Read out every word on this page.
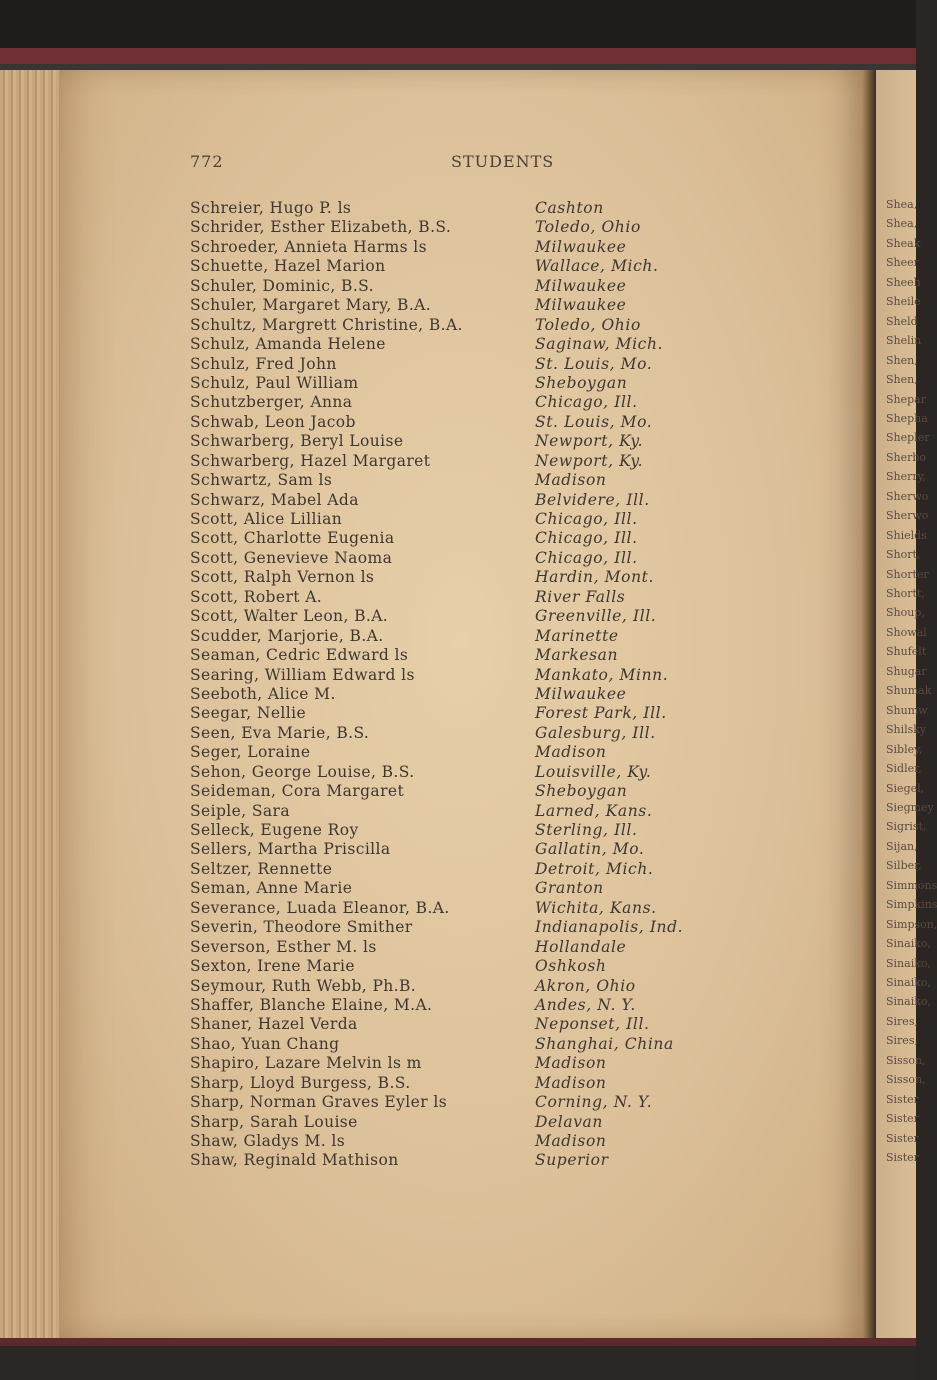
Shea,
Shea,
Sheak
Sheer
Sheeh
Sheile
Sheld
Shelin
Shen,
Shen,
Shepar
Shepha
Shepler
Sherbo
Sherry,
Sherwo
Sherwo
Shields
Short,
Shorter
Shortt,
Shoup,
Showal
Shufelt
Shugar
Shumak
Shumw
Shilsky
Sibley,
Sidler,
Siegel,
Siegmey
Sigrist,
Sijan,
Silber,
Simmons
Simpkins
Simpson,
Sinaiko,
Sinaiko,
Sinaiko,
Sinaiko,
Sires,
Sires,
Sisson,
Sisson,
Sister
Sister
Sister
Sister
772	STUDENTS
Schreier, Hugo P. ls	Cashton
Schrider, Esther Elizabeth, B.S.	Toledo, Ohio
Schroeder, Annieta Harms ls	Milwaukee
Schuette, Hazel Marion	Wallace, Mich.
Schuler, Dominic, B.S.	Milwaukee
Schuler, Margaret Mary, B.A.	Milwaukee
Schultz, Margrett Christine, B.A.	Toledo, Ohio
Schulz, Amanda Helene	Saginaw, Mich.
Schulz, Fred John	St. Louis, Mo.
Schulz, Paul William	Sheboygan
Schutzberger, Anna	Chicago, Ill.
Schwab, Leon Jacob	St. Louis, Mo.
Schwarberg, Beryl Louise	Newport, Ky.
Schwarberg, Hazel Margaret	Newport, Ky.
Schwartz, Sam ls	Madison
Schwarz, Mabel Ada	Belvidere, Ill.
Scott, Alice Lillian	Chicago, Ill.
Scott, Charlotte Eugenia	Chicago, Ill.
Scott, Genevieve Naoma	Chicago, Ill.
Scott, Ralph Vernon ls	Hardin, Mont.
Scott, Robert A.	River Falls
Scott, Walter Leon, B.A.	Greenville, Ill.
Scudder, Marjorie, B.A.	Marinette
Seaman, Cedric Edward ls	Markesan
Searing, William Edward ls	Mankato, Minn.
Seeboth, Alice M.	Milwaukee
Seegar, Nellie	Forest Park, Ill.
Seen, Eva Marie, B.S.	Galesburg, Ill.
Seger, Loraine	Madison
Sehon, George Louise, B.S.	Louisville, Ky.
Seideman, Cora Margaret	Sheboygan
Seiple, Sara	Larned, Kans.
Selleck, Eugene Roy	Sterling, Ill.
Sellers, Martha Priscilla	Gallatin, Mo.
Seltzer, Rennette	Detroit, Mich.
Seman, Anne Marie	Granton
Severance, Luada Eleanor, B.A.	Wichita, Kans.
Severin, Theodore Smither	Indianapolis, Ind.
Severson, Esther M. ls	Hollandale
Sexton, Irene Marie	Oshkosh
Seymour, Ruth Webb, Ph.B.	Akron, Ohio
Shaffer, Blanche Elaine, M.A.	Andes, N. Y.
Shaner, Hazel Verda	Neponset, Ill.
Shao, Yuan Chang	Shanghai, China
Shapiro, Lazare Melvin ls m	Madison
Sharp, Lloyd Burgess, B.S.	Madison
Sharp, Norman Graves Eyler ls	Corning, N. Y.
Sharp, Sarah Louise	Delavan
Shaw, Gladys M. ls	Madison
Shaw, Reginald Mathison	Superior
